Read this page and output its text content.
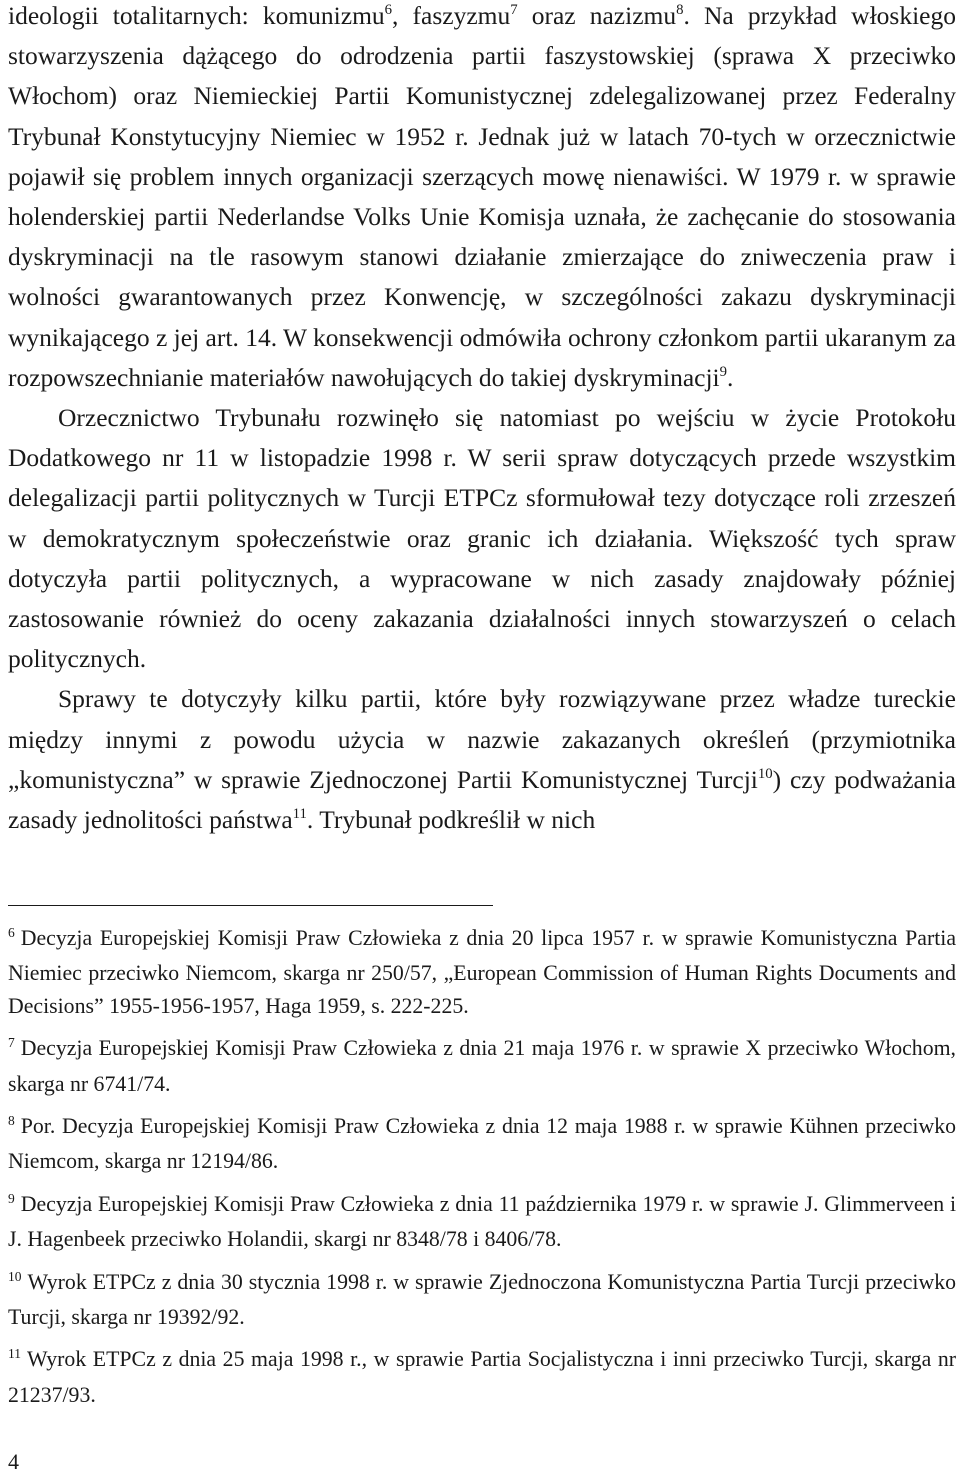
ideologii totalitarnych: komunizmu$^6$, faszyzmu$^7$ oraz nazizmu$^8$. Na przykład włoskiego stowarzyszenia dążącego do odrodzenia partii faszystowskiej (sprawa X przeciwko Włochom) oraz Niemieckiej Partii Komunistycznej zdelegalizowanej przez Federalny Trybunał Konstytucyjny Niemiec w 1952 r. Jednak już w latach 70-tych w orzecznictwie pojawił się problem innych organizacji szerzących mowę nienawiści. W 1979 r. w sprawie holenderskiej partii Nederlandse Volks Unie Komisja uznała, że zachęcanie do stosowania dyskryminacji na tle rasowym stanowi działanie zmierzające do zniweczenia praw i wolności gwarantowanych przez Konwencję, w szczególności zakazu dyskryminacji wynikającego z jej art. 14. W konsekwencji odmówiła ochrony członkom partii ukaranym za rozpowszechnianie materiałów nawołujących do takiej dyskryminacji$^9$.

Orzecznictwo Trybunału rozwinęło się natomiast po wejściu w życie Protokołu Dodatkowego nr 11 w listopadzie 1998 r. W serii spraw dotyczących przede wszystkim delegalizacji partii politycznych w Turcji ETPCz sformułował tezy dotyczące roli zrzeszeń w demokratycznym społeczeństwie oraz granic ich działania. Większość tych spraw dotyczyła partii politycznych, a wypracowane w nich zasady znajdowały później zastosowanie również do oceny zakazania działalności innych stowarzyszeń o celach politycznych.

Sprawy te dotyczyły kilku partii, które były rozwiązywane przez władze tureckie między innymi z powodu użycia w nazwie zakazanych określeń (przymiotnika „komunistyczna” w sprawie Zjednoczonej Partii Komunistycznej Turcji$^{10}$) czy podważania zasady jednolitości państwa$^{11}$. Trybunał podkreślił w nich

$^6$ Decyzja Europejskiej Komisji Praw Człowieka z dnia 20 lipca 1957 r. w sprawie Komunistyczna Partia Niemiec przeciwko Niemcom, skarga nr 250/57, „European Commission of Human Rights Documents and Decisions” 1955-1956-1957, Haga 1959, s. 222-225.

$^7$ Decyzja Europejskiej Komisji Praw Człowieka z dnia 21 maja 1976 r. w sprawie X przeciwko Włochom, skarga nr 6741/74.

$^8$ Por. Decyzja Europejskiej Komisji Praw Człowieka z dnia 12 maja 1988 r. w sprawie Kühnen przeciwko Niemcom, skarga nr 12194/86.

$^9$ Decyzja Europejskiej Komisji Praw Człowieka z dnia 11 października 1979 r. w sprawie J. Glimmerveen i J. Hagenbeek przeciwko Holandii, skargi nr 8348/78 i 8406/78.

$^{10}$ Wyrok ETPCz z dnia 30 stycznia 1998 r. w sprawie Zjednoczona Komunistyczna Partia Turcji przeciwko Turcji, skarga nr 19392/92.

$^{11}$ Wyrok ETPCz z dnia 25 maja 1998 r., w sprawie Partia Socjalistyczna i inni przeciwko Turcji, skarga nr 21237/93.

4
